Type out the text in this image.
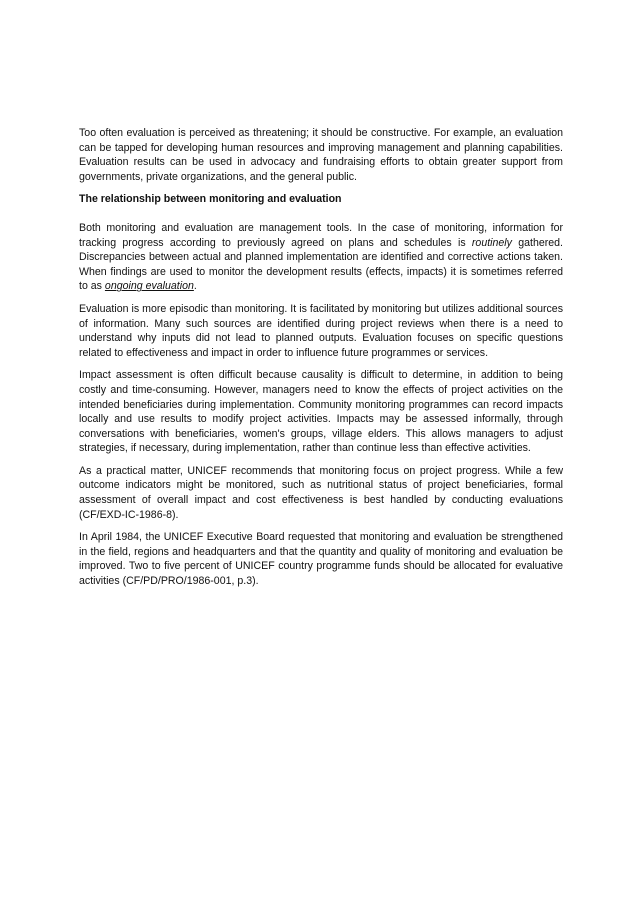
Too often evaluation is perceived as threatening; it should be constructive. For example, an evaluation can be tapped for developing human resources and improving management and planning capabilities. Evaluation results can be used in advocacy and fundraising efforts to obtain greater support from governments, private organizations, and the general public.

The relationship between monitoring and evaluation

Both monitoring and evaluation are management tools. In the case of monitoring, information for tracking progress according to previously agreed on plans and schedules is routinely gathered. Discrepancies between actual and planned implementation are identified and corrective actions taken. When findings are used to monitor the development results (effects, impacts) it is sometimes referred to as ongoing evaluation.

Evaluation is more episodic than monitoring. It is facilitated by monitoring but utilizes additional sources of information. Many such sources are identified during project reviews when there is a need to understand why inputs did not lead to planned outputs. Evaluation focuses on specific questions related to effectiveness and impact in order to influence future programmes or services.

Impact assessment is often difficult because causality is difficult to determine, in addition to being costly and time-consuming. However, managers need to know the effects of project activities on the intended beneficiaries during implementation. Community monitoring programmes can record impacts locally and use results to modify project activities. Impacts may be assessed informally, through conversations with beneficiaries, women's groups, village elders. This allows managers to adjust strategies, if necessary, during implementation, rather than continue less than effective activities.

As a practical matter, UNICEF recommends that monitoring focus on project progress. While a few outcome indicators might be monitored, such as nutritional status of project beneficiaries, formal assessment of overall impact and cost effectiveness is best handled by conducting evaluations (CF/EXD-IC-1986-8).

In April 1984, the UNICEF Executive Board requested that monitoring and evaluation be strengthened in the field, regions and headquarters and that the quantity and quality of monitoring and evaluation be improved. Two to five percent of UNICEF country programme funds should be allocated for evaluative activities (CF/PD/PRO/1986-001, p.3).
